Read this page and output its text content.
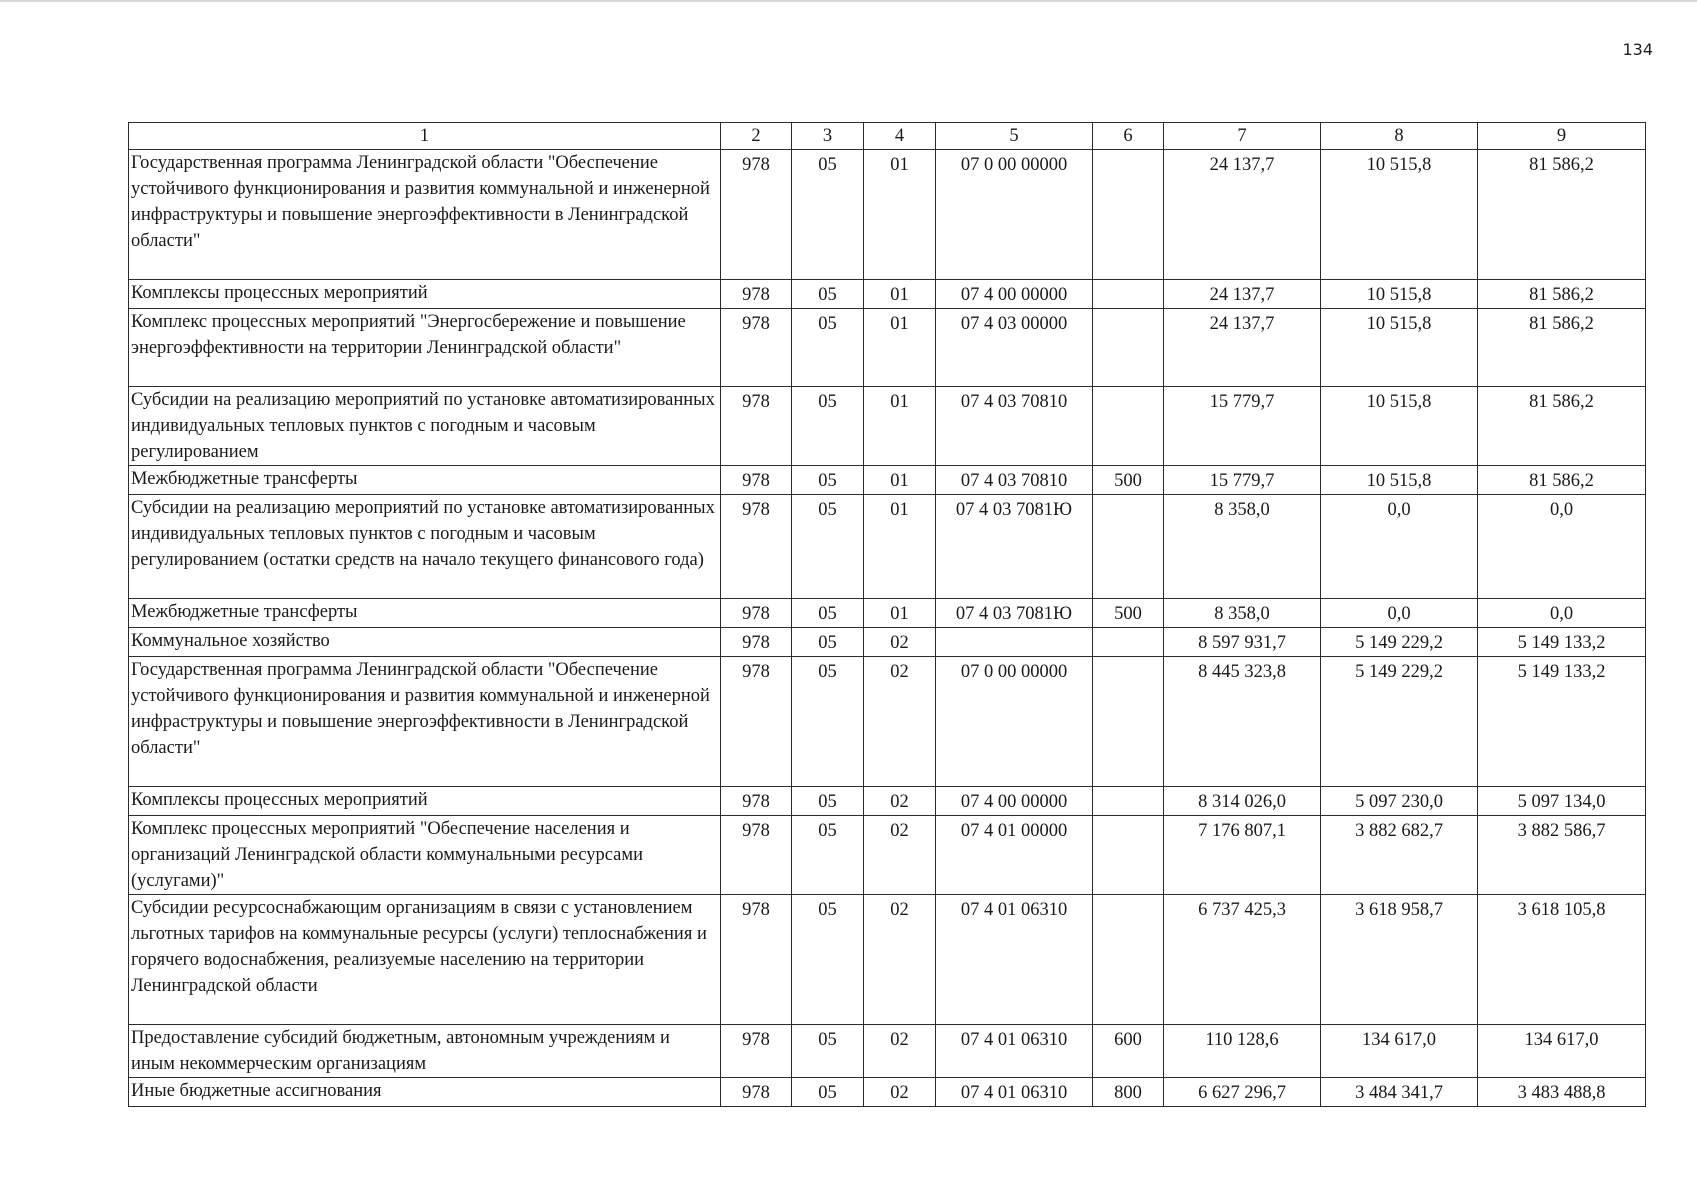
134
1	2	3	4	5	6	7	8	9
Государственная программа Ленинградской области "Обеспечение устойчивого функционирования и развития коммунальной и инженерной инфраструктуры и повышение энергоэффективности в Ленинградской области"	978	05	01	07 0 00 00000		24 137,7	10 515,8	81 586,2
Комплексы процессных мероприятий	978	05	01	07 4 00 00000		24 137,7	10 515,8	81 586,2
Комплекс процессных мероприятий "Энергосбережение и повышение энергоэффективности на территории Ленинградской области"	978	05	01	07 4 03 00000		24 137,7	10 515,8	81 586,2
Субсидии на реализацию мероприятий по установке автоматизированных индивидуальных тепловых пунктов с погодным и часовым регулированием	978	05	01	07 4 03 70810		15 779,7	10 515,8	81 586,2
Межбюджетные трансферты	978	05	01	07 4 03 70810	500	15 779,7	10 515,8	81 586,2
Субсидии на реализацию мероприятий по установке автоматизированных индивидуальных тепловых пунктов с погодным и часовым регулированием (остатки средств на начало текущего финансового года)	978	05	01	07 4 03 7081Ю		8 358,0	0,0	0,0
Межбюджетные трансферты	978	05	01	07 4 03 7081Ю	500	8 358,0	0,0	0,0
Коммунальное хозяйство	978	05	02			8 597 931,7	5 149 229,2	5 149 133,2
Государственная программа Ленинградской области "Обеспечение устойчивого функционирования и развития коммунальной и инженерной инфраструктуры и повышение энергоэффективности в Ленинградской области"	978	05	02	07 0 00 00000		8 445 323,8	5 149 229,2	5 149 133,2
Комплексы процессных мероприятий	978	05	02	07 4 00 00000		8 314 026,0	5 097 230,0	5 097 134,0
Комплекс процессных мероприятий "Обеспечение населения и организаций Ленинградской области коммунальными ресурсами (услугами)"	978	05	02	07 4 01 00000		7 176 807,1	3 882 682,7	3 882 586,7
Субсидии ресурсоснабжающим организациям в связи с установлением льготных тарифов на коммунальные ресурсы (услуги) теплоснабжения и горячего водоснабжения, реализуемые населению на территории Ленинградской области	978	05	02	07 4 01 06310		6 737 425,3	3 618 958,7	3 618 105,8
Предоставление субсидий бюджетным, автономным учреждениям и иным некоммерческим организациям	978	05	02	07 4 01 06310	600	110 128,6	134 617,0	134 617,0
Иные бюджетные ассигнования	978	05	02	07 4 01 06310	800	6 627 296,7	3 484 341,7	3 483 488,8
